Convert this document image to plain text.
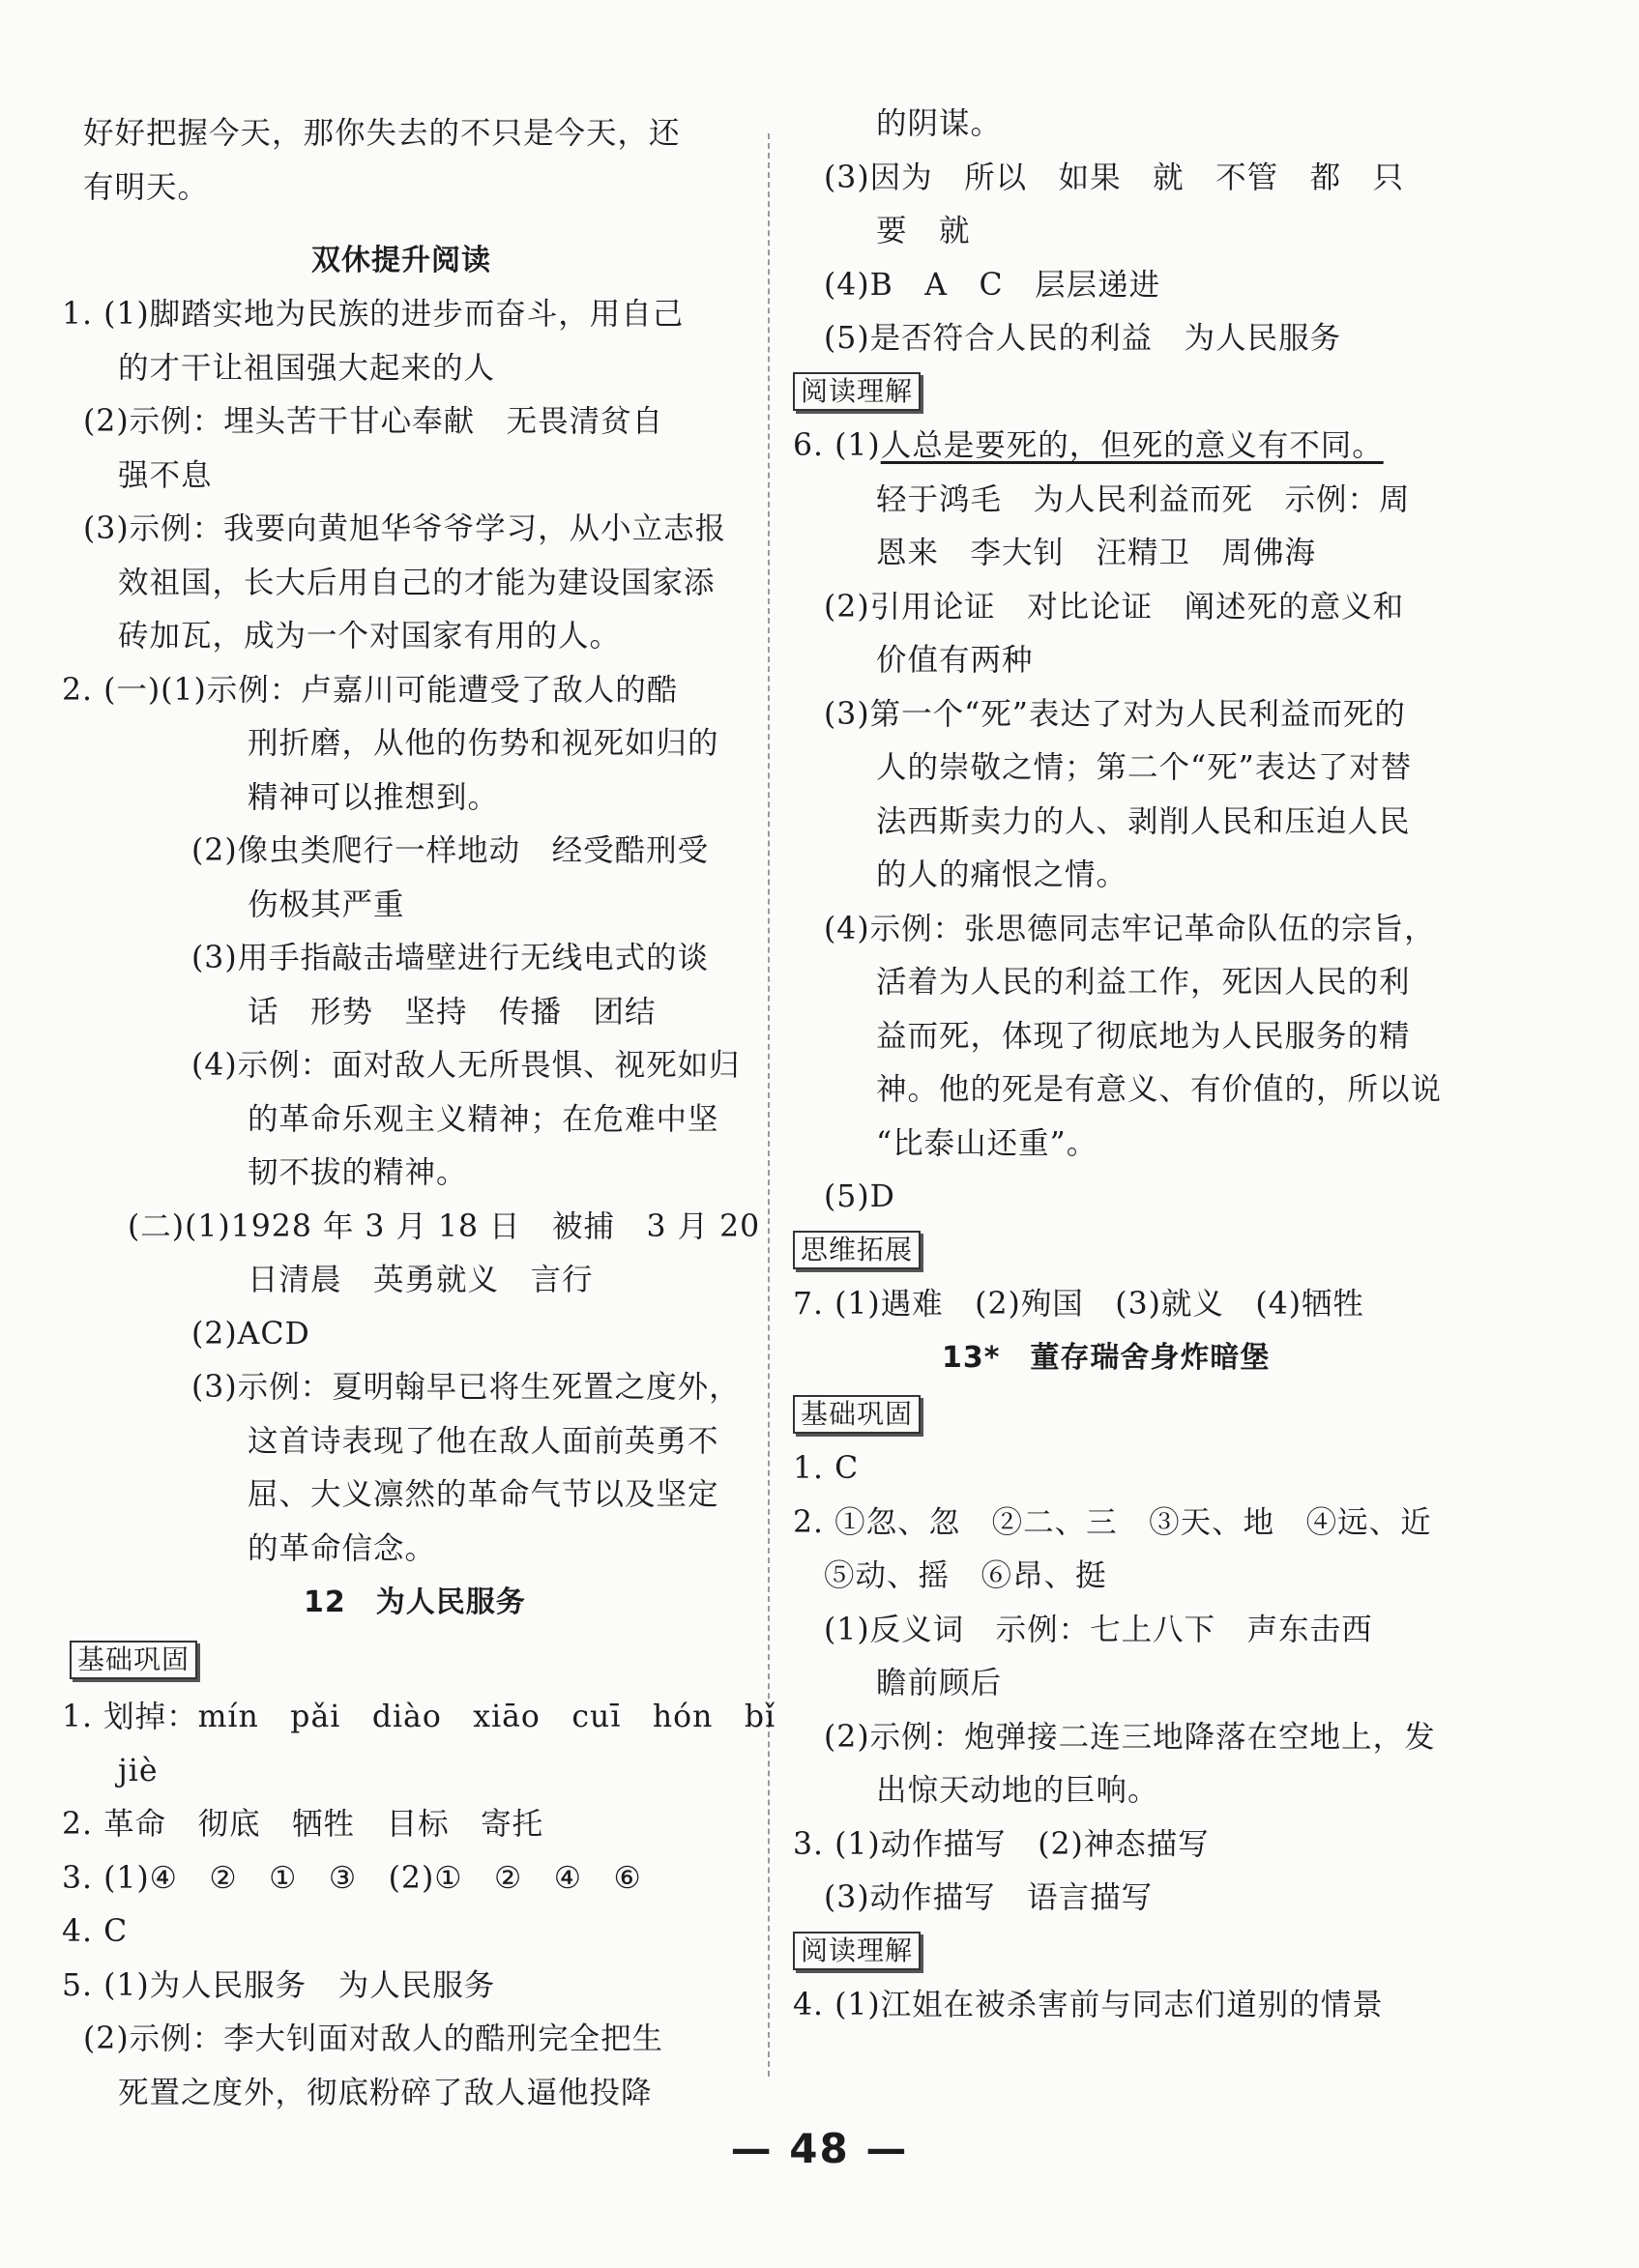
好好把握今天，那你失去的不只是今天，还
有明天。
双休提升阅读
1. (1)脚踏实地为民族的进步而奋斗，用自己
的才干让祖国强大起来的人
(2)示例：埋头苦干甘心奉献　无畏清贫自
强不息
(3)示例：我要向黄旭华爷爷学习，从小立志报
效祖国，长大后用自己的才能为建设国家添
砖加瓦，成为一个对国家有用的人。
2. (一)(1)示例：卢嘉川可能遭受了敌人的酷
刑折磨，从他的伤势和视死如归的
精神可以推想到。
(2)像虫类爬行一样地动　经受酷刑受
伤极其严重
(3)用手指敲击墙壁进行无线电式的谈
话　形势　坚持　传播　团结
(4)示例：面对敌人无所畏惧、视死如归
的革命乐观主义精神；在危难中坚
韧不拔的精神。
(二)(1)1928 年 3 月 18 日　被捕　3 月 20
日清晨　英勇就义　言行
(2)ACD
(3)示例：夏明翰早已将生死置之度外，
这首诗表现了他在敌人面前英勇不
屈、大义凛然的革命气节以及坚定
的革命信念。
12　为人民服务
基础巩固
1. 划掉：mín　pǎi　diào　xiāo　cuī　hón　bǐ
jiè
2. 革命　彻底　牺牲　目标　寄托
3. (1)④　②　①　③　(2)①　②　④　⑥
4. C
5. (1)为人民服务　为人民服务
(2)示例：李大钊面对敌人的酷刑完全把生
死置之度外，彻底粉碎了敌人逼他投降
的阴谋。
(3)因为　所以　如果　就　不管　都　只
要　就
(4)B　A　C　层层递进
(5)是否符合人民的利益　为人民服务
阅读理解
6. (1)人总是要死的，但死的意义有不同。
轻于鸿毛　为人民利益而死　示例：周
恩来　李大钊　汪精卫　周佛海
(2)引用论证　对比论证　阐述死的意义和
价值有两种
(3)第一个“死”表达了对为人民利益而死的
人的崇敬之情；第二个“死”表达了对替
法西斯卖力的人、剥削人民和压迫人民
的人的痛恨之情。
(4)示例：张思德同志牢记革命队伍的宗旨，
活着为人民的利益工作，死因人民的利
益而死，体现了彻底地为人民服务的精
神。他的死是有意义、有价值的，所以说
“比泰山还重”。
(5)D
思维拓展
7. (1)遇难　(2)殉国　(3)就义　(4)牺牲
13*　董存瑞舍身炸暗堡
基础巩固
1. C
2. ①忽、忽　②二、三　③天、地　④远、近
⑤动、摇　⑥昂、挺
(1)反义词　示例：七上八下　声东击西
瞻前顾后
(2)示例：炮弹接二连三地降落在空地上，发
出惊天动地的巨响。
3. (1)动作描写　(2)神态描写
(3)动作描写　语言描写
阅读理解
4. (1)江姐在被杀害前与同志们道别的情景
— 48 —
